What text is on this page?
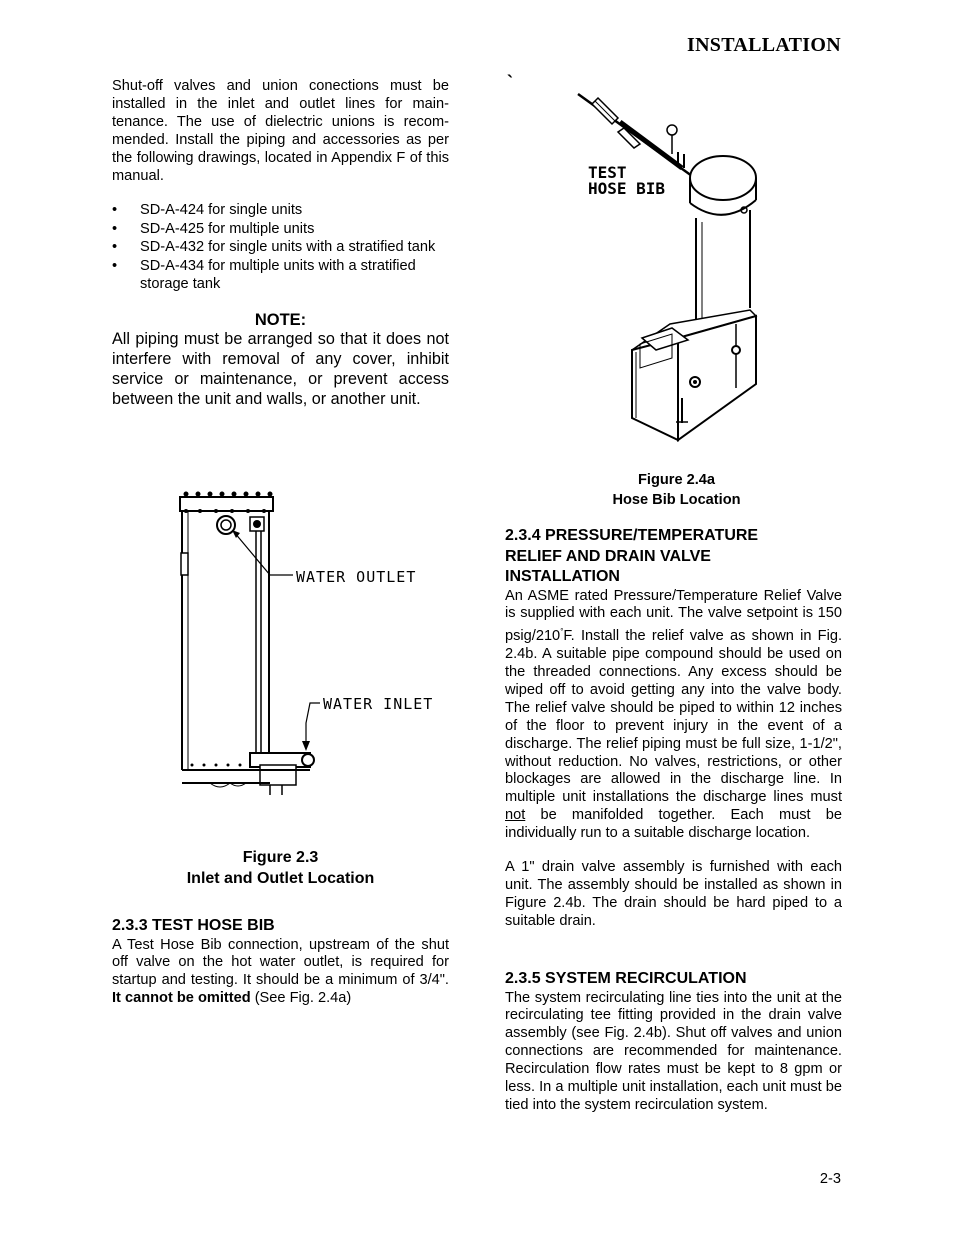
INSTALLATION

Shut-off valves and union conections must be installed in the inlet and outlet lines for main-tenance. The use of dielectric unions is recom-mended. Install the piping and accessories as per the following drawings, located in Appendix F of this manual.

• SD-A-424 for single units
• SD-A-425 for multiple units
• SD-A-432 for single units with a stratified tank
• SD-A-434 for multiple units with a stratified storage tank
NOTE:

All piping must be arranged so that it does not interfere with removal of any cover, inhibit service or maintenance, or prevent access between the unit and walls, or another unit.

WATER OUTLET
WATER INLET
Figure 2.3
Inlet and Outlet Location
2.3.3 TEST HOSE BIB

A Test Hose Bib connection, upstream of the shut off valve on the hot water outlet, is required for startup and testing. It should be a minimum of 3/4". It cannot be omitted (See Fig. 2.4a)

`
TEST
HOSE BIB
Figure 2.4a
Hose Bib Location
2.3.4 PRESSURE/TEMPERATURE
RELIEF AND DRAIN VALVE
INSTALLATION

An ASME rated Pressure/Temperature Relief Valve is supplied with each unit. The valve setpoint is 150 psig/210°F. Install the relief valve as shown in Fig. 2.4b. A suitable pipe compound should be used on the threaded connections. Any excess should be wiped off to avoid getting any into the valve body. The relief valve should be piped to within 12 inches of the floor to prevent injury in the event of a discharge. The relief piping must be full size, 1-1/2", without reduction. No valves, restrictions, or other blockages are allowed in the discharge line. In multiple unit installations the discharge lines must not be manifolded together. Each must be individually run to a suitable discharge location.

A 1" drain valve assembly is furnished with each unit. The assembly should be installed as shown in Figure 2.4b. The drain should be hard piped to a suitable drain.

2.3.5 SYSTEM RECIRCULATION

The system recirculating line ties into the unit at the recirculating tee fitting provided in the drain valve assembly (see Fig. 2.4b). Shut off valves and union connections are recommended for maintenance. Recirculation flow rates must be kept to 8 gpm or less. In a multiple unit installation, each unit must be tied into the system recirculation system.

2-3
